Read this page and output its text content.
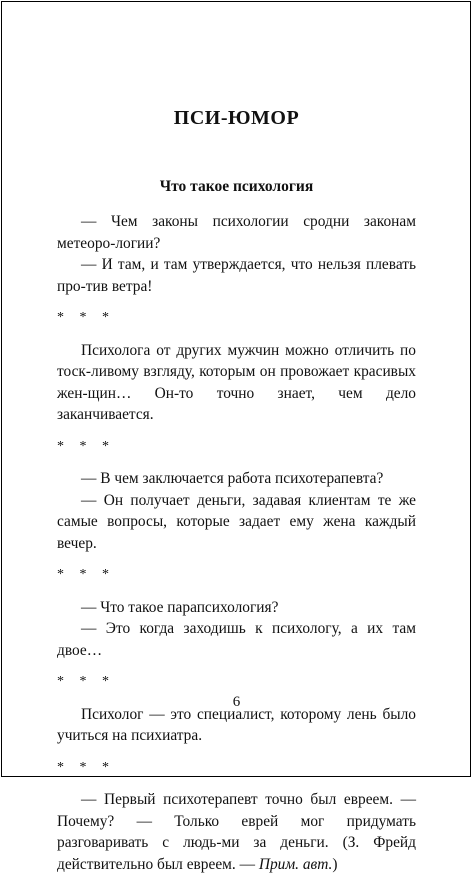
ПСИ-ЮМОР
Что такое психология

— Чем законы психологии сродни законам метеоро-логии?

— И там, и там утверждается, что нельзя плевать про-тив ветра!

* * *

Психолога от других мужчин можно отличить по тоск-ливому взгляду, которым он провожает красивых жен-щин… Он-то точно знает, чем дело заканчивается.

* * *

— В чем заключается работа психотерапевта?

— Он получает деньги, задавая клиентам те же самые вопросы, которые задает ему жена каждый вечер.

* * *

— Что такое парапсихология?

— Это когда заходишь к психологу, а их там двое…

* * *

Психолог — это специалист, которому лень было учиться на психиатра.

* * *

— Первый психотерапевт точно был евреем. — Почему? — Только еврей мог придумать разговаривать с людь-ми за деньги. (З. Фрейд действительно был евреем. — Прим. авт.)

6
